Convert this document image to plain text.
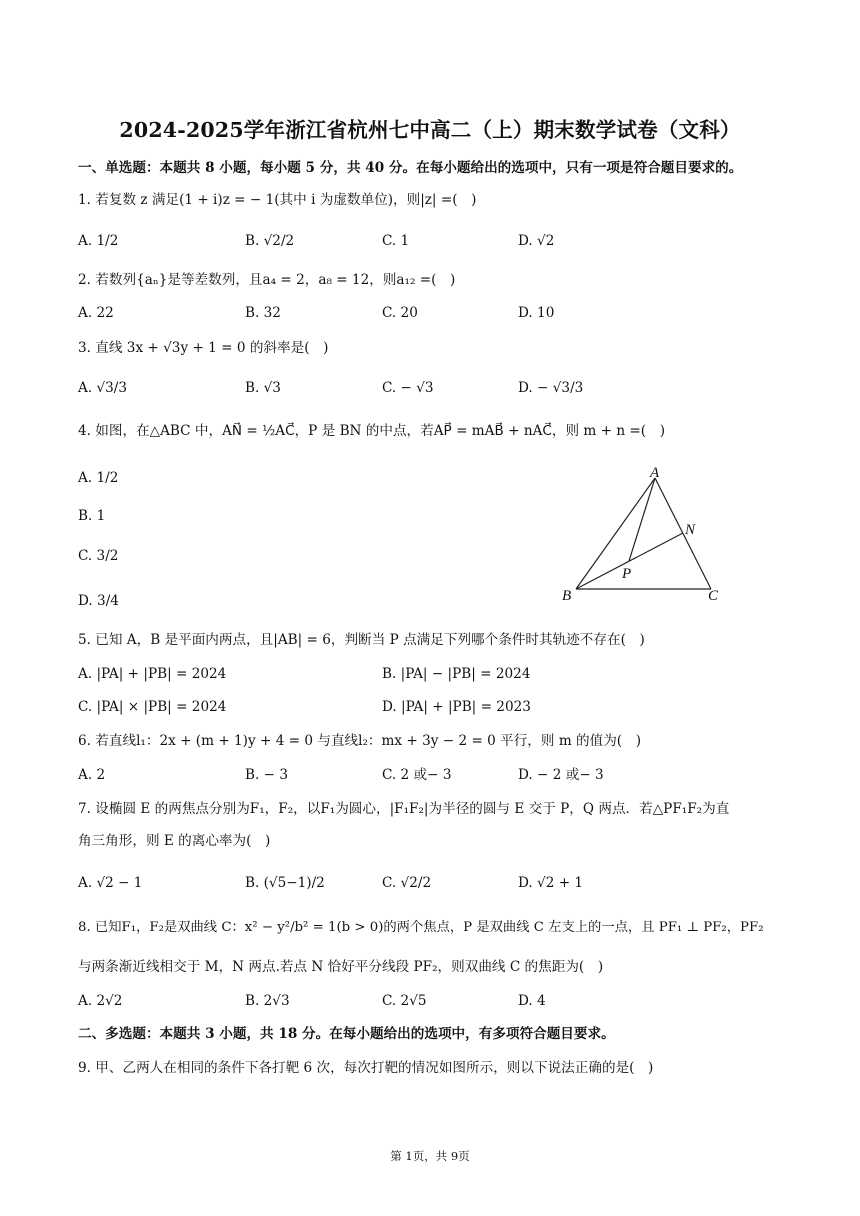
2024-2025学年浙江省杭州七中高二（上）期末数学试卷（文科）
一、单选题：本题共 8 小题，每小题 5 分，共 40 分。在每小题给出的选项中，只有一项是符合题目要求的。
1. 若复数 z 满足(1 + i)z = − 1(其中 i 为虚数单位)，则|z| =(　)
A. 1/2	B. √2/2	C. 1	D. √2
2. 若数列{aₙ}是等差数列，且a₄ = 2，a₈ = 12，则a₁₂ =(　)
A. 22	B. 32	C. 20	D. 10
3. 直线 3x + √3y + 1 = 0 的斜率是(　)
A. √3/3	B. √3	C. − √3	D. − √3/3
4. 如图，在△ABC 中，AN⃗ = ½AC⃗，P 是 BN 的中点，若AP⃗ = mAB⃗ + nAC⃗，则 m + n =(　)
A. 1/2
B. 1
C. 3/2
D. 3/4
A
B	C
N
P
5. 已知 A，B 是平面内两点，且|AB| = 6，判断当 P 点满足下列哪个条件时其轨迹不存在(　)
A. |PA| + |PB| = 2024	B. |PA| − |PB| = 2024
C. |PA| × |PB| = 2024	D. |PA| + |PB| = 2023
6. 若直线l₁：2x + (m + 1)y + 4 = 0 与直线l₂：mx + 3y − 2 = 0 平行，则 m 的值为(　)
A. 2	B. − 3	C. 2 或− 3	D. − 2 或− 3
7. 设椭圆 E 的两焦点分别为F₁，F₂，以F₁为圆心，|F₁F₂|为半径的圆与 E 交于 P，Q 两点．若△PF₁F₂为直
角三角形，则 E 的离心率为(　)
A. √2 − 1	B. (√5−1)/2	C. √2/2	D. √2 + 1
8. 已知F₁，F₂是双曲线 C：x² − y²/b² = 1(b > 0)的两个焦点，P 是双曲线 C 左支上的一点，且 PF₁ ⊥ PF₂，PF₂
与两条渐近线相交于 M，N 两点.若点 N 恰好平分线段 PF₂，则双曲线 C 的焦距为(　)
A. 2√2	B. 2√3	C. 2√5	D. 4
二、多选题：本题共 3 小题，共 18 分。在每小题给出的选项中，有多项符合题目要求。
9. 甲、乙两人在相同的条件下各打靶 6 次，每次打靶的情况如图所示，则以下说法正确的是(　)
第 1页，共 9页
